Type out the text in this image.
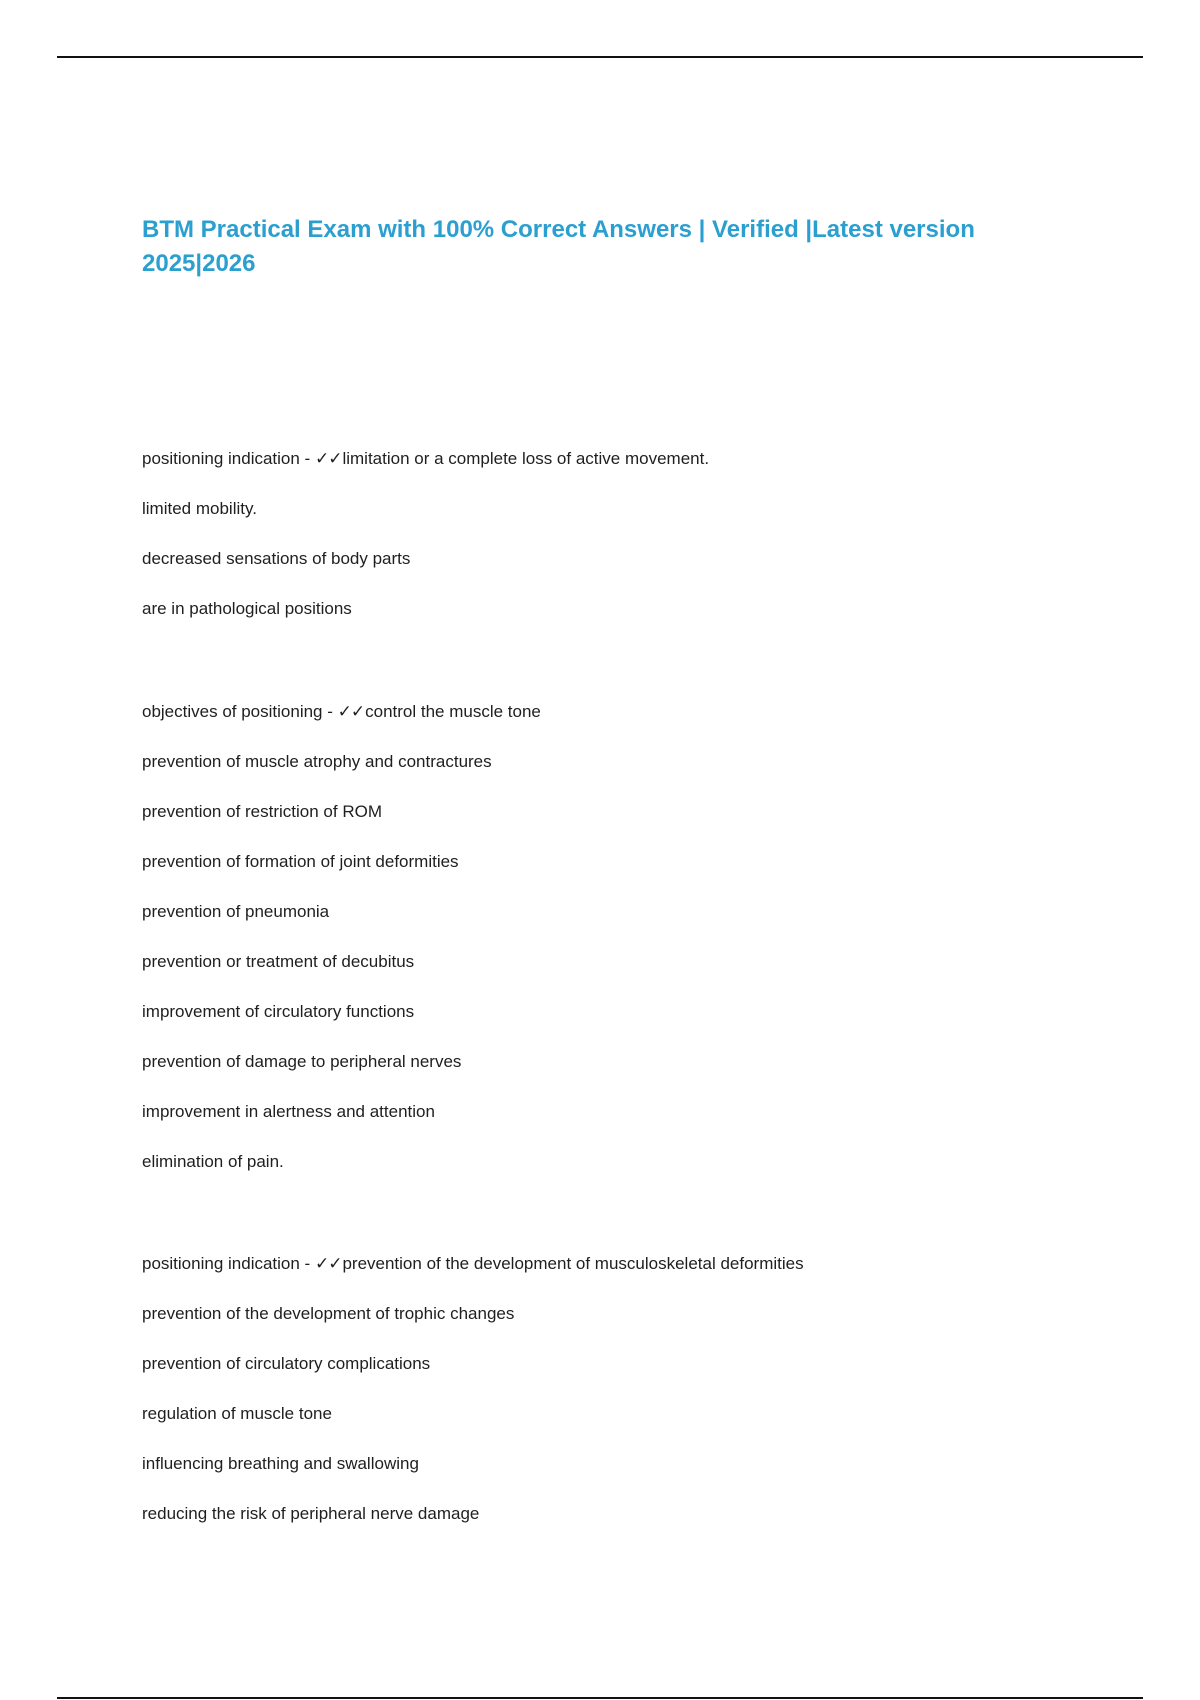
BTM Practical Exam with 100% Correct Answers | Verified |Latest version
2025|2026
positioning indication - ✓✓limitation or a complete loss of active movement.
limited mobility.
decreased sensations of body parts
are in pathological positions
objectives of positioning - ✓✓control the muscle tone
prevention of muscle atrophy and contractures
prevention of restriction of ROM
prevention of formation of joint deformities
prevention of pneumonia
prevention or treatment of decubitus
improvement of circulatory functions
prevention of damage to peripheral nerves
improvement in alertness and attention
elimination of pain.
positioning indication - ✓✓prevention of the development of musculoskeletal deformities
prevention of the development of trophic changes
prevention of circulatory complications
regulation of muscle tone
influencing breathing and swallowing
reducing the risk of peripheral nerve damage
